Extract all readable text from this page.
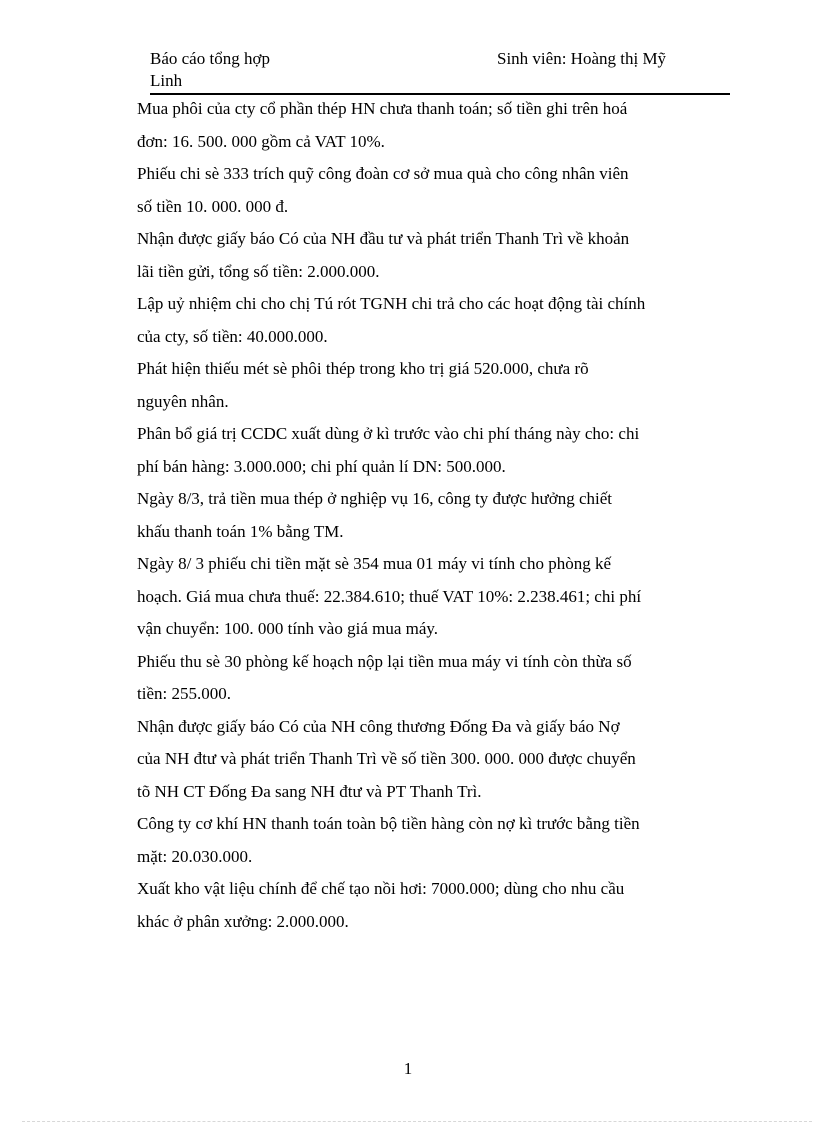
Báo cáo tổng hợp
Linh
Sinh viên: Hoàng thị Mỹ

Mua phôi của cty cổ phần thép HN chưa thanh toán; số tiền ghi trên hoá
đơn: 16. 500. 000 gồm cả VAT 10%.

Phiếu chi sè 333 trích quỹ công đoàn cơ sở mua quà cho công nhân viên
số tiền 10. 000. 000 đ.

Nhận được giấy báo Có của NH đầu tư và phát triển Thanh Trì về khoản
lãi tiền gửi, tổng số tiền: 2.000.000.

Lập uỷ nhiệm chi cho chị Tú rót TGNH chi trả cho các hoạt động tài chính
của cty, số tiền: 40.000.000.

Phát hiện thiếu mét sè phôi thép trong kho trị giá 520.000, chưa rõ
nguyên nhân.

Phân bổ giá trị CCDC xuất dùng ở kì trước vào chi phí tháng này cho: chi
phí bán hàng: 3.000.000; chi phí quản lí DN: 500.000.

Ngày 8/3, trả tiền mua thép ở nghiệp vụ 16, công ty được hưởng chiết
khấu thanh toán 1% bằng TM.

Ngày 8/ 3 phiếu chi tiền mặt sè 354 mua 01 máy vi tính cho phòng kế
hoạch. Giá mua chưa thuế: 22.384.610; thuế VAT 10%: 2.238.461; chi phí
vận chuyển: 100. 000 tính vào giá mua máy.

Phiếu thu sè 30 phòng kế hoạch nộp lại tiền mua máy vi tính còn thừa số
tiền: 255.000.

Nhận được giấy báo Có của NH công thương Đống Đa và giấy báo Nợ
của NH đtư và phát triển Thanh Trì về số tiền 300. 000. 000 được chuyển
tõ NH CT Đống Đa sang NH đtư và PT Thanh Trì.

Công ty cơ khí HN thanh toán toàn bộ tiền hàng còn nợ kì trước bằng tiền
mặt: 20.030.000.

Xuất kho vật liệu chính để chế tạo nồi hơi: 7000.000; dùng cho nhu cầu
khác ở phân xưởng: 2.000.000.

1
